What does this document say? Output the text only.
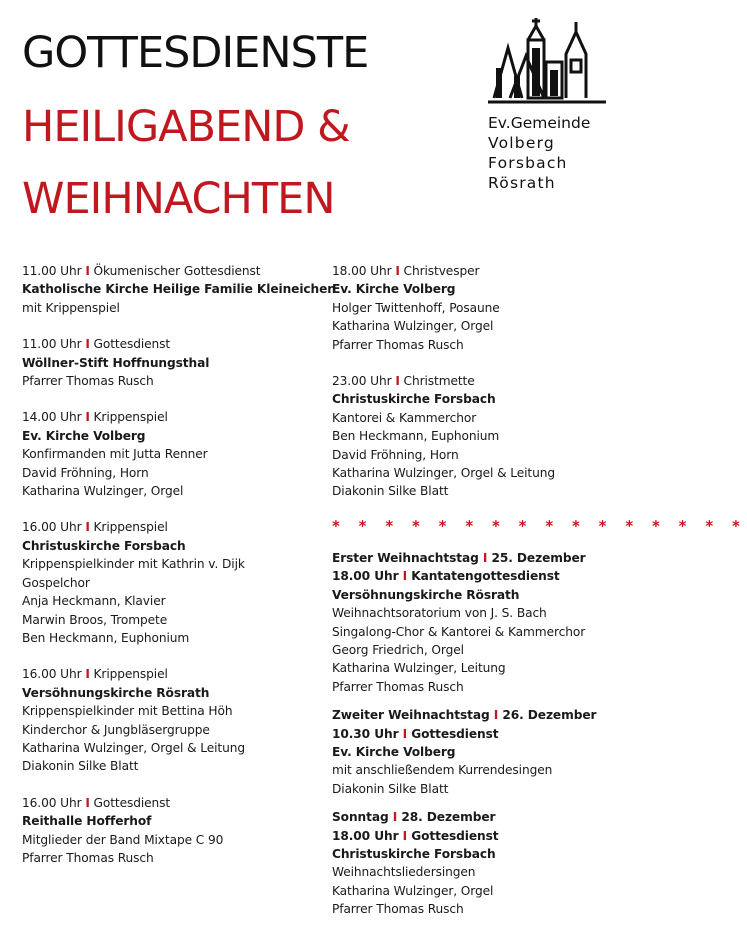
GOTTESDIENSTE
HEILIGABEND &
WEIHNACHTEN
Ev.Gemeinde
Volberg
Forsbach
Rösrath
11.00 Uhr I Ökumenischer Gottesdienst
Katholische Kirche Heilige Familie Kleineichen
mit Krippenspiel
11.00 Uhr I Gottesdienst
Wöllner-Stift Hoffnungsthal
Pfarrer Thomas Rusch
14.00 Uhr I Krippenspiel
Ev. Kirche Volberg
Konfirmanden mit Jutta Renner
David Fröhning, Horn
Katharina Wulzinger, Orgel
16.00 Uhr I Krippenspiel
Christuskirche Forsbach
Krippenspielkinder mit Kathrin v. Dijk
Gospelchor
Anja Heckmann, Klavier
Marwin Broos, Trompete
Ben Heckmann, Euphonium
16.00 Uhr I Krippenspiel
Versöhnungskirche Rösrath
Krippenspielkinder mit Bettina Höh
Kinderchor & Jungbläsergruppe
Katharina Wulzinger, Orgel & Leitung
Diakonin Silke Blatt
16.00 Uhr I Gottesdienst
Reithalle Hofferhof
Mitglieder der Band Mixtape C 90
Pfarrer Thomas Rusch
18.00 Uhr I Christvesper
Ev. Kirche Volberg
Holger Twittenhoff, Posaune
Katharina Wulzinger, Orgel
Pfarrer Thomas Rusch
23.00 Uhr I Christmette
Christuskirche Forsbach
Kantorei & Kammerchor
Ben Heckmann, Euphonium
David Fröhning, Horn
Katharina Wulzinger, Orgel & Leitung
Diakonin Silke Blatt
* * * * * * * * * * * * * * * *
Erster Weihnachtstag I 25. Dezember
18.00 Uhr I Kantatengottesdienst
Versöhnungskirche Rösrath
Weihnachtsoratorium von J. S. Bach
Singalong-Chor & Kantorei & Kammerchor
Georg Friedrich, Orgel
Katharina Wulzinger, Leitung
Pfarrer Thomas Rusch
Zweiter Weihnachtstag I 26. Dezember
10.30 Uhr I Gottesdienst
Ev. Kirche Volberg
mit anschließendem Kurrendesingen
Diakonin Silke Blatt
Sonntag I 28. Dezember
18.00 Uhr I Gottesdienst
Christuskirche Forsbach
Weihnachtsliedersingen
Katharina Wulzinger, Orgel
Pfarrer Thomas Rusch
